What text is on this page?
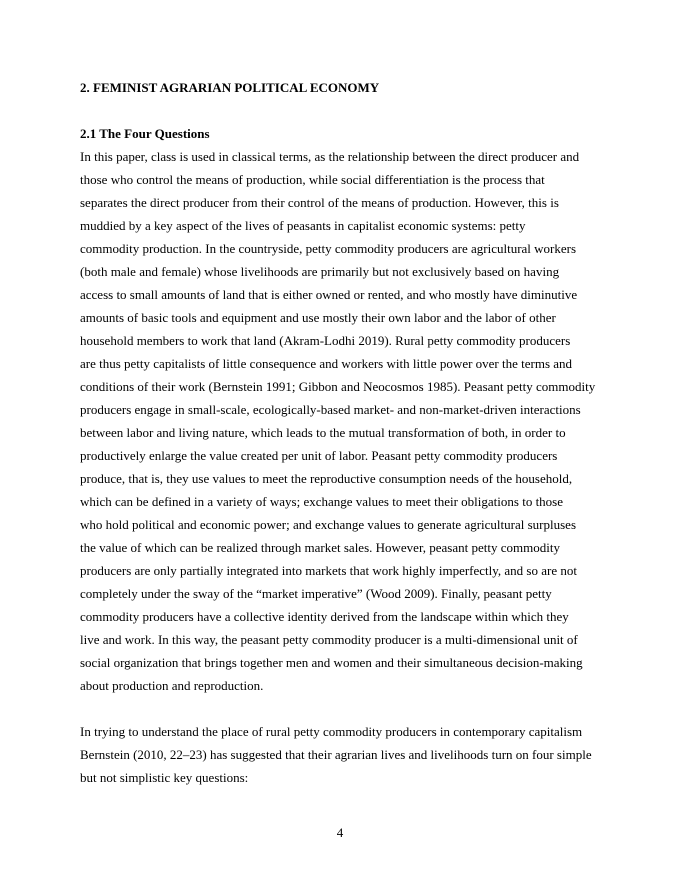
2. FEMINIST AGRARIAN POLITICAL ECONOMY
2.1 The Four Questions

In this paper, class is used in classical terms, as the relationship between the direct producer and
those who control the means of production, while social differentiation is the process that
separates the direct producer from their control of the means of production. However, this is
muddied by a key aspect of the lives of peasants in capitalist economic systems: petty
commodity production. In the countryside, petty commodity producers are agricultural workers
(both male and female) whose livelihoods are primarily but not exclusively based on having
access to small amounts of land that is either owned or rented, and who mostly have diminutive
amounts of basic tools and equipment and use mostly their own labor and the labor of other
household members to work that land (Akram-Lodhi 2019). Rural petty commodity producers
are thus petty capitalists of little consequence and workers with little power over the terms and
conditions of their work (Bernstein 1991; Gibbon and Neocosmos 1985). Peasant petty commodity
producers engage in small-scale, ecologically-based market- and non-market-driven interactions
between labor and living nature, which leads to the mutual transformation of both, in order to
productively enlarge the value created per unit of labor. Peasant petty commodity producers
produce, that is, they use values to meet the reproductive consumption needs of the household,
which can be defined in a variety of ways; exchange values to meet their obligations to those
who hold political and economic power; and exchange values to generate agricultural surpluses
the value of which can be realized through market sales. However, peasant petty commodity
producers are only partially integrated into markets that work highly imperfectly, and so are not
completely under the sway of the “market imperative” (Wood 2009). Finally, peasant petty
commodity producers have a collective identity derived from the landscape within which they
live and work. In this way, the peasant petty commodity producer is a multi-dimensional unit of
social organization that brings together men and women and their simultaneous decision-making
about production and reproduction.

In trying to understand the place of rural petty commodity producers in contemporary capitalism
Bernstein (2010, 22–23) has suggested that their agrarian lives and livelihoods turn on four simple
but not simplistic key questions:

4
